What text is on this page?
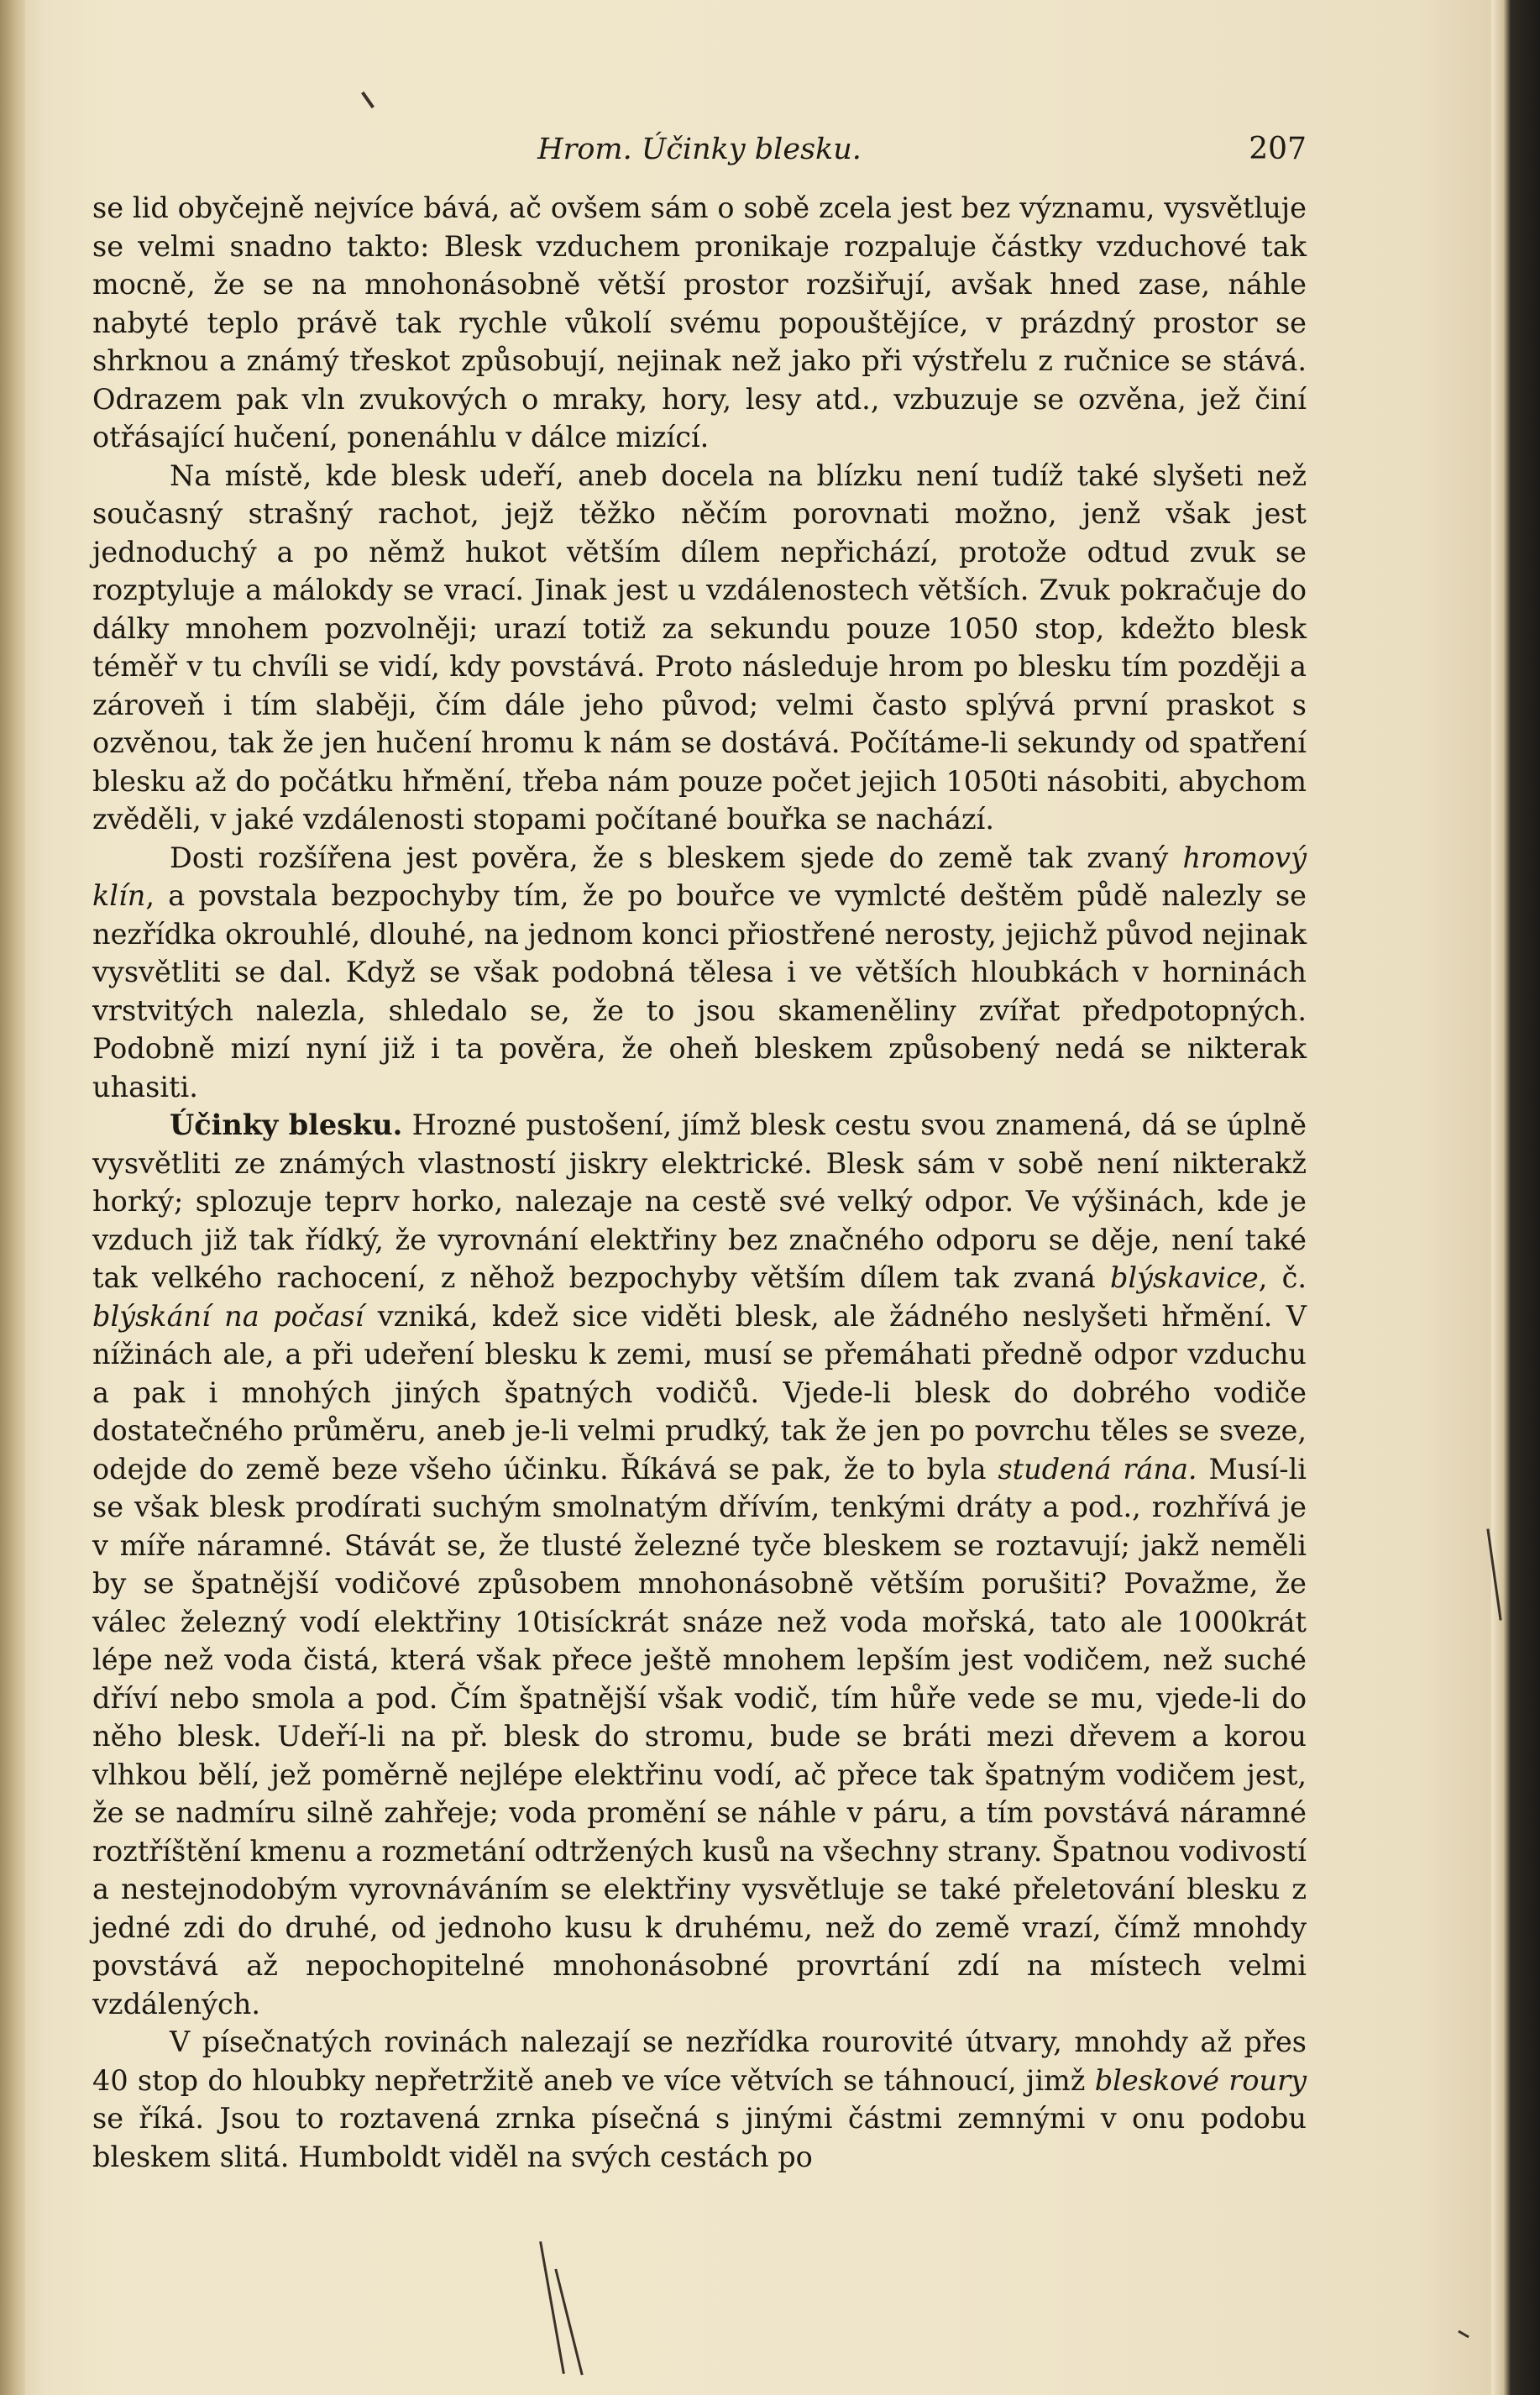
Hrom. Účinky blesku.	207

se lid obyčejně nejvíce bává, ač ovšem sám o sobě zcela jest bez významu, vysvětluje se velmi snadno takto: Blesk vzduchem pronikaje rozpaluje částky vzduchové tak mocně, že se na mnohonásobně větší prostor rozšiřují, avšak hned zase, náhle nabyté teplo právě tak rychle vůkolí svému popouštějíce, v prázdný prostor se shrknou a známý třeskot způsobují, nejinak než jako při výstřelu z ručnice se stává. Odrazem pak vln zvukových o mraky, hory, lesy atd., vzbuzuje se ozvěna, jež činí otřásající hučení, ponenáhlu v dálce mizící.

Na místě, kde blesk udeří, aneb docela na blízku není tudíž také slyšeti než současný strašný rachot, jejž těžko něčím porovnati možno, jenž však jest jednoduchý a po němž hukot větším dílem nepřichází, protože odtud zvuk se rozptyluje a málokdy se vrací. Jinak jest u vzdálenostech větších. Zvuk pokračuje do dálky mnohem pozvolněji; urazí totiž za sekundu pouze 1050 stop, kdežto blesk téměř v tu chvíli se vidí, kdy povstává. Proto následuje hrom po blesku tím později a zároveň i tím slaběji, čím dále jeho původ; velmi často splývá první praskot s ozvěnou, tak že jen hučení hromu k nám se dostává. Počítáme-li sekundy od spatření blesku až do počátku hřmění, třeba nám pouze počet jejich 1050ti násobiti, abychom zvěděli, v jaké vzdálenosti stopami počítané bouřka se nachází.

Dosti rozšířena jest pověra, že s bleskem sjede do země tak zvaný hromový klín, a povstala bezpochyby tím, že po bouřce ve vymlcté deštěm půdě nalezly se nezřídka okrouhlé, dlouhé, na jednom konci přiostřené nerosty, jejichž původ nejinak vysvětliti se dal. Když se však podobná tělesa i ve větších hloubkách v horninách vrstvitých nalezla, shledalo se, že to jsou skameněliny zvířat předpotopných. Podobně mizí nyní již i ta pověra, že oheň bleskem způsobený nedá se nikterak uhasiti.

Účinky blesku. Hrozné pustošení, jímž blesk cestu svou znamená, dá se úplně vysvětliti ze známých vlastností jiskry elektrické. Blesk sám v sobě není nikterakž horký; splozuje teprv horko, nalezaje na cestě své velký odpor. Ve výšinách, kde je vzduch již tak řídký, že vyrovnání elektřiny bez značného odporu se děje, není také tak velkého rachocení, z něhož bezpochyby větším dílem tak zvaná blýskavice, č. blýskání na počasí vzniká, kdež sice viděti blesk, ale žádného neslyšeti hřmění. V nížinách ale, a při udeření blesku k zemi, musí se přemáhati předně odpor vzduchu a pak i mnohých jiných špatných vodičů. Vjede-li blesk do dobrého vodiče dostatečného průměru, aneb je-li velmi prudký, tak že jen po povrchu těles se sveze, odejde do země beze všeho účinku. Říkává se pak, že to byla studená rána. Musí-li se však blesk prodírati suchým smolnatým dřívím, tenkými dráty a pod., rozhřívá je v míře náramné. Stávát se, že tlusté železné tyče bleskem se roztavují; jakž neměli by se špatnější vodičové způsobem mnohonásobně větším porušiti? Považme, že válec železný vodí elektřiny 10tisíckrát snáze než voda mořská, tato ale 1000krát lépe než voda čistá, která však přece ještě mnohem lepším jest vodičem, než suché dříví nebo smola a pod. Čím špatnější však vodič, tím hůře vede se mu, vjede-li do něho blesk. Udeří-li na př. blesk do stromu, bude se bráti mezi dřevem a korou vlhkou bělí, jež poměrně nejlépe elektřinu vodí, ač přece tak špatným vodičem jest, že se nadmíru silně zahřeje; voda promění se náhle v páru, a tím povstává náramné roztříštění kmenu a rozmetání odtržených kusů na všechny strany. Špatnou vodivostí a nestejnodobým vyrovnáváním se elektřiny vysvětluje se také přeletování blesku z jedné zdi do druhé, od jednoho kusu k druhému, než do země vrazí, čímž mnohdy povstává až nepochopitelné mnohonásobné provrtání zdí na místech velmi vzdálených.

V písečnatých rovinách nalezají se nezřídka rourovité útvary, mnohdy až přes 40 stop do hloubky nepřetržitě aneb ve více větvích se táhnoucí, jimž bleskové roury se říká. Jsou to roztavená zrnka písečná s jinými částmi zemnými v onu podobu bleskem slitá. Humboldt viděl na svých cestách po
